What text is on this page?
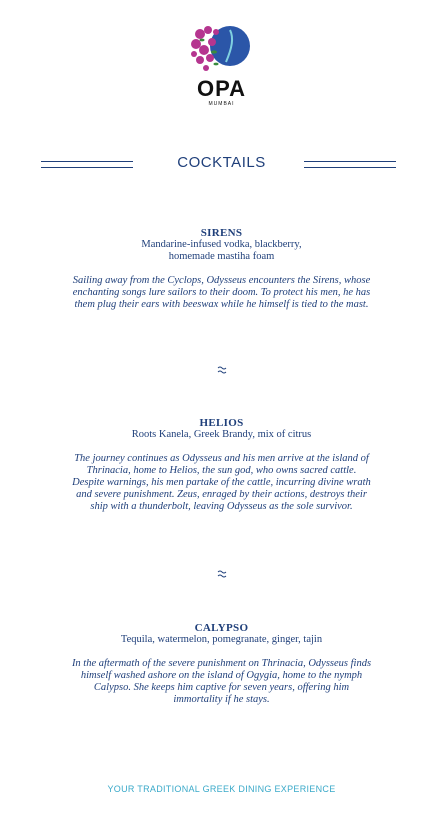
OPA
MUMBAI
COCKTAILS

SIRENS

Mandarine-infused vodka, blackberry,

homemade mastiha foam

Sailing away from the Cyclops, Odysseus encounters the Sirens, whose enchanting songs lure sailors to their doom. To protect his men, he has them plug their ears with beeswax while he himself is tied to the mast.

HELIOS

Roots Kanela, Greek Brandy, mix of citrus

The journey continues as Odysseus and his men arrive at the island of Thrinacia, home to Helios, the sun god, who owns sacred cattle. Despite warnings, his men partake of the cattle, incurring divine wrath and severe punishment. Zeus, enraged by their actions, destroys their ship with a thunderbolt, leaving Odysseus as the sole survivor.

CALYPSO

Tequila, watermelon, pomegranate, ginger, tajin

In the aftermath of the severe punishment on Thrinacia, Odysseus finds himself washed ashore on the island of Ogygia, home to the nymph Calypso. She keeps him captive for seven years, offering him immortality if he stays.

YOUR TRADITIONAL GREEK DINING EXPERIENCE
